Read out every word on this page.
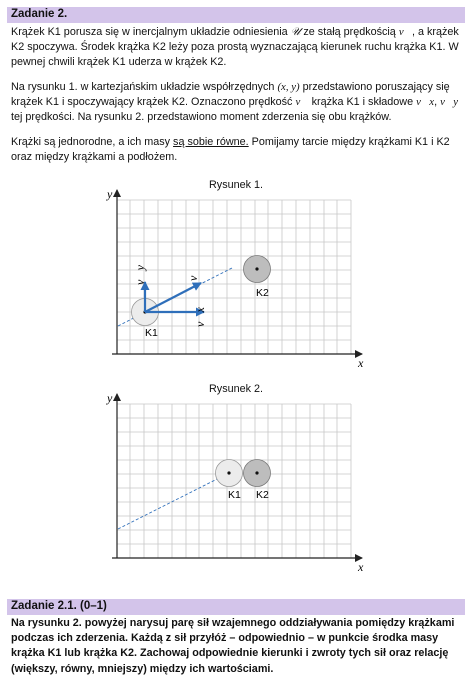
Zadanie 2.

Krążek K1 porusza się w inercjalnym układzie odniesienia 𝒰 ze stałą prędkością v⃗, a krążek K2 spoczywa. Środek krążka K2 leży poza prostą wyznaczającą kierunek ruchu krążka K1. W pewnej chwili krążek K1 uderza w krążek K2.

Na rysunku 1. w kartezjańskim układzie współrzędnych (x, y) przedstawiono poruszający się krążek K1 i spoczywający krążek K2. Oznaczono prędkość v⃗ krążka K1 i składowe v⃗x, v⃗y tej prędkości. Na rysunku 2. przedstawiono moment zderzenia się obu krążków.

Krążki są jednorodne, a ich masy są sobie równe. Pomijamy tarcie między krążkami K1 i K2 oraz między krążkami a podłożem.

Rysunek 1.
Rysunek 2.
y
x
v⃗
v⃗x
v⃗y
K1
K2
y
x
K1 K2
Zadanie 2.1. (0–1)

Na rysunku 2. powyżej narysuj parę sił wzajemnego oddziaływania pomiędzy krążkami podczas ich zderzenia. Każdą z sił przyłóż – odpowiednio – w punkcie środka masy krążka K1 lub krążka K2. Zachowaj odpowiednie kierunki i zwroty tych sił oraz relację (większy, równy, mniejszy) między ich wartościami.
